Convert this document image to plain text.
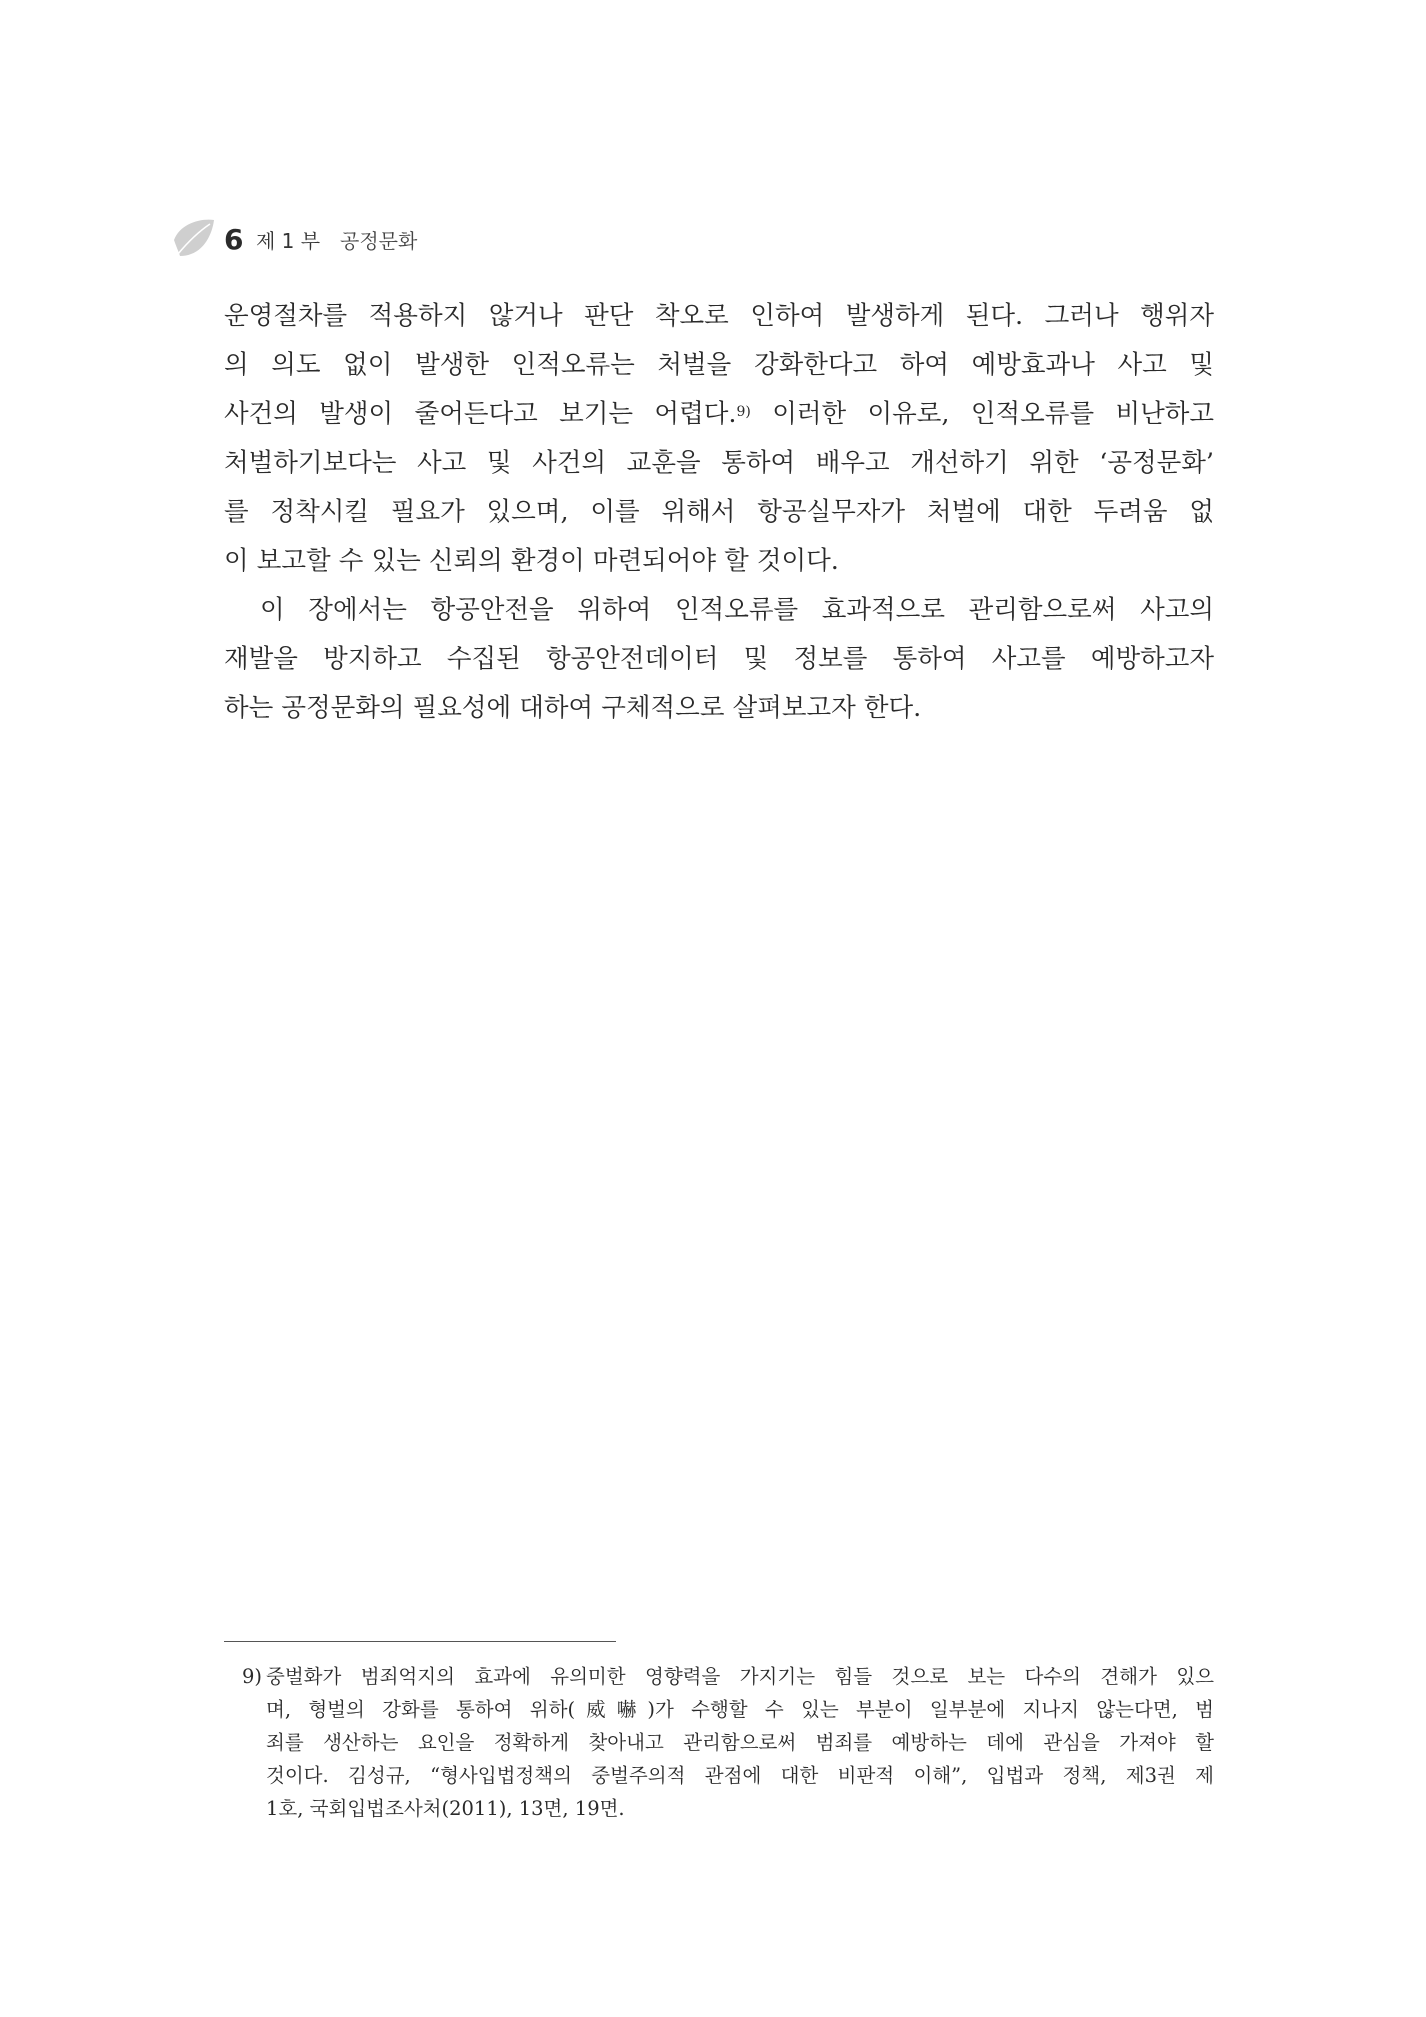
6 제 1 부 공정문화
운영절차를 적용하지 않거나 판단 착오로 인하여 발생하게 된다. 그러나 행위자
의 의도 없이 발생한 인적오류는 처벌을 강화한다고 하여 예방효과나 사고 및
사건의 발생이 줄어든다고 보기는 어렵다.$^{9)}$ 이러한 이유로, 인적오류를 비난하고
처벌하기보다는 사고 및 사건의 교훈을 통하여 배우고 개선하기 위한 ‘공정문화’
를 정착시킬 필요가 있으며, 이를 위해서 항공실무자가 처벌에 대한 두려움 없
이 보고할 수 있는 신뢰의 환경이 마련되어야 할 것이다.
이 장에서는 항공안전을 위하여 인적오류를 효과적으로 관리함으로써 사고의
재발을 방지하고 수집된 항공안전데이터 및 정보를 통하여 사고를 예방하고자
하는 공정문화의 필요성에 대하여 구체적으로 살펴보고자 한다.
9) 중벌화가 범죄억지의 효과에 유의미한 영향력을 가지기는 힘들 것으로 보는 다수의 견해가 있으
며, 형벌의 강화를 통하여 위하(威嚇)가 수행할 수 있는 부분이 일부분에 지나지 않는다면, 범
죄를 생산하는 요인을 정확하게 찾아내고 관리함으로써 범죄를 예방하는 데에 관심을 가져야 할
것이다. 김성규, “형사입법정책의 중벌주의적 관점에 대한 비판적 이해”, 입법과 정책, 제3권 제
1호, 국회입법조사처(2011), 13면, 19면.
